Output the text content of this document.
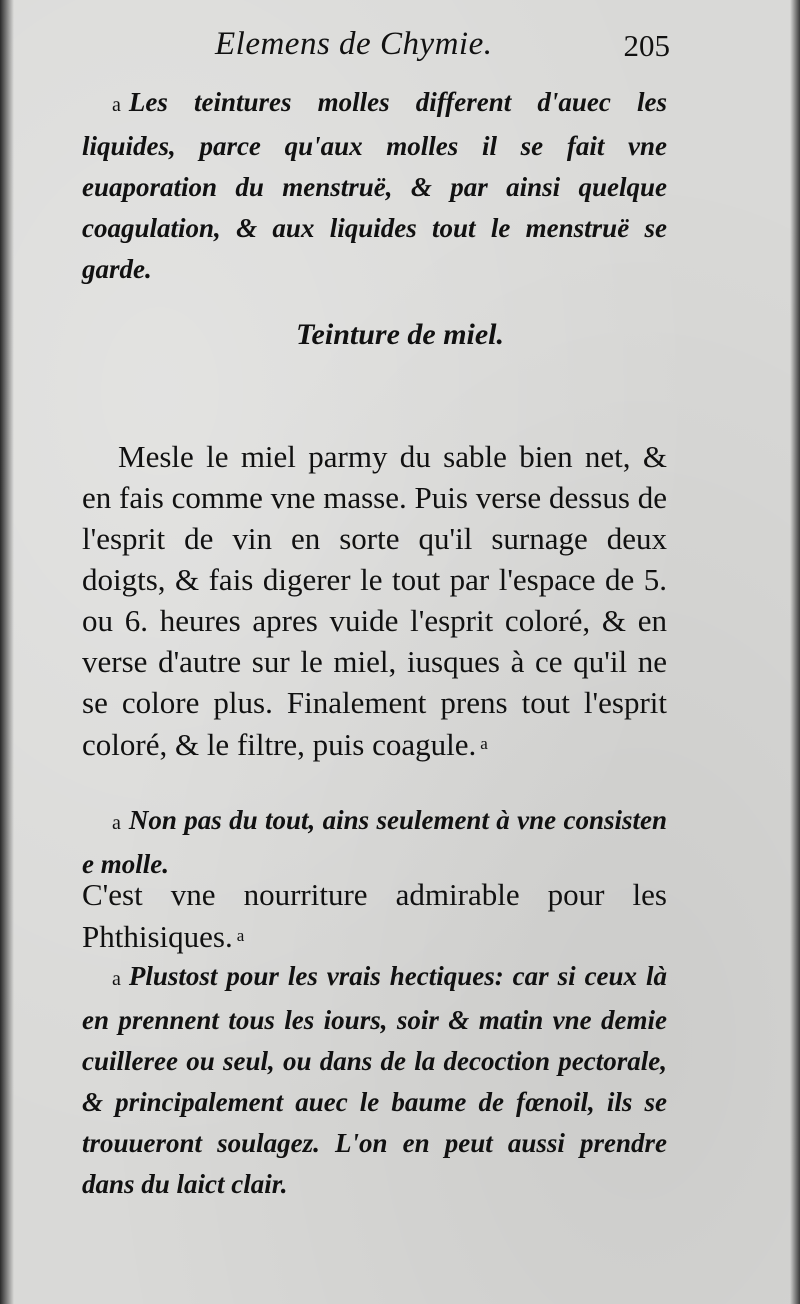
Elemens de Chymie.	205

a Les teintures molles different d'auec les liquides, parce qu'aux molles il se fait vne euaporation du menstruë, & par ainsi quelque coagulation, & aux liquides tout le menstruë se garde.

Teinture de miel.

Mesle le miel parmy du sable bien net, & en fais comme vne masse. Puis verse dessus de l'esprit de vin en sorte qu'il surnage deux doigts, & fais digerer le tout par l'espace de 5. ou 6. heures apres vuide l'esprit coloré, & en verse d'autre sur le miel, iusques à ce qu'il ne se colore plus. Finalement prens tout l'esprit coloré, & le filtre, puis coagule. a

a Non pas du tout, ains seulement à vne consisten e molle.

C'est vne nourriture admirable pour les Phthisiques. a

a Plustost pour les vrais hectiques: car si ceux là en prennent tous les iours, soir & matin vne demie cuilleree ou seul, ou dans de la decoction pectorale, & principalement auec le baume de fœnoil, ils se trouueront soulagez. L'on en peut aussi prendre dans du laict clair.
